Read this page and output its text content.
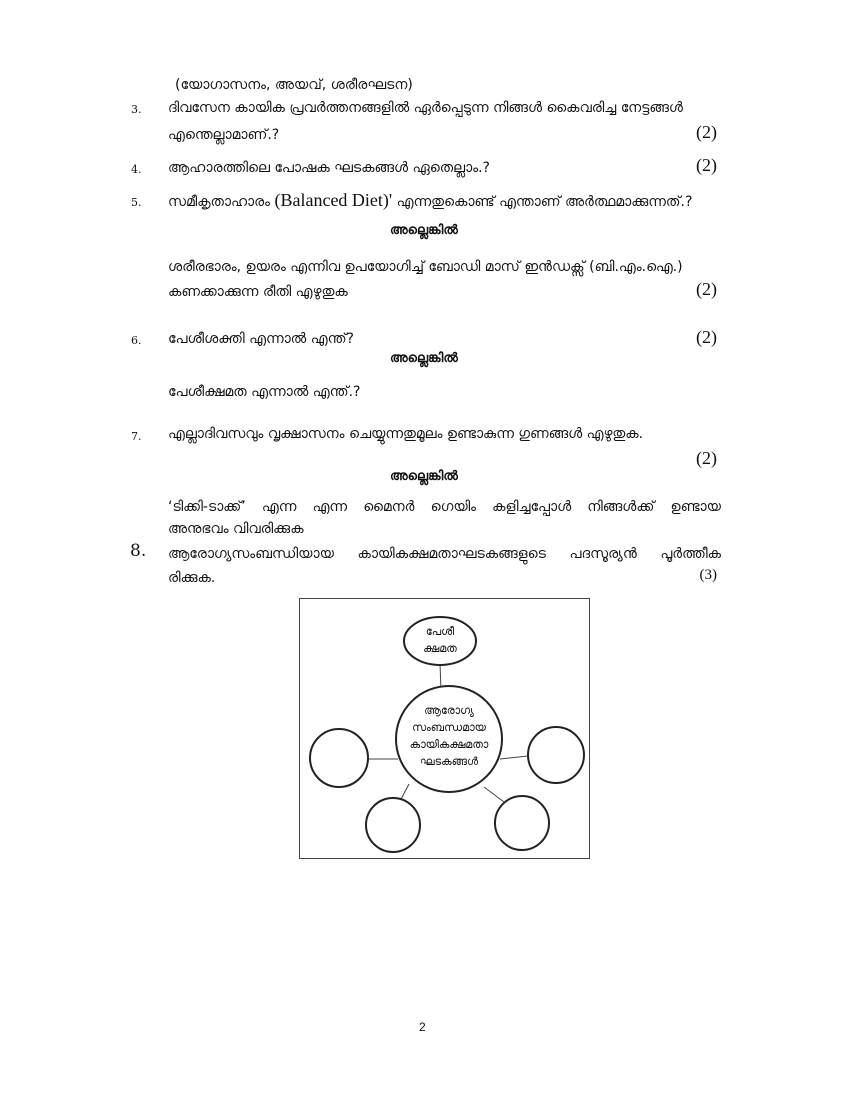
(യോഗാസനം, അയവ്, ശരീരഘടന)
3. ദിവസേന കായിക പ്രവർത്തനങ്ങളിൽ ഏർപ്പെടുന്ന നിങ്ങൾ കൈവരിച്ച നേട്ടങ്ങൾ
എന്തെല്ലാമാണ്.?	(2)
4. ആഹാരത്തിലെ പോഷക ഘടകങ്ങൾ ഏതെല്ലാം.?	(2)
5. സമീകൃതാഹാരം (Balanced Diet)' എന്നതുകൊണ്ട് എന്താണ് അർത്ഥമാക്കുന്നത്.?
അല്ലെങ്കിൽ
ശരീരഭാരം, ഉയരം എന്നിവ ഉപയോഗിച്ച് ബോഡി മാസ് ഇൻഡക്സ് (ബി.എം.ഐ.)
കണക്കാക്കുന്ന രീതി എഴുതുക	(2)
6. പേശീശക്തി എന്നാൽ എന്ത്?	(2)
അല്ലെങ്കിൽ
പേശീക്ഷമത എന്നാൽ എന്ത്.?
7. എല്ലാദിവസവും വൃക്ഷാസനം ചെയ്യുന്നതുമൂലം ഉണ്ടാകുന്ന ഗുണങ്ങൾ എഴുതുക.
(2)
അല്ലെങ്കിൽ
‘ടിക്കി-ടാക്ക്’ എന്ന എന്ന മൈനർ ഗെയിം കളിച്ചപ്പോൾ നിങ്ങൾക്ക് ഉണ്ടായ
അനുഭവം വിവരിക്കുക
8. ആരോഗ്യസംബന്ധിയായ കായികക്ഷമതാഘടകങ്ങളുടെ പദസൂര്യൻ പൂർത്തീക
രിക്കുക.	(3)
പേശീ
ക്ഷമത
ആരോഗ്യ
സംബന്ധമായ
കായികക്ഷമതാ
ഘടകങ്ങൾ
2
